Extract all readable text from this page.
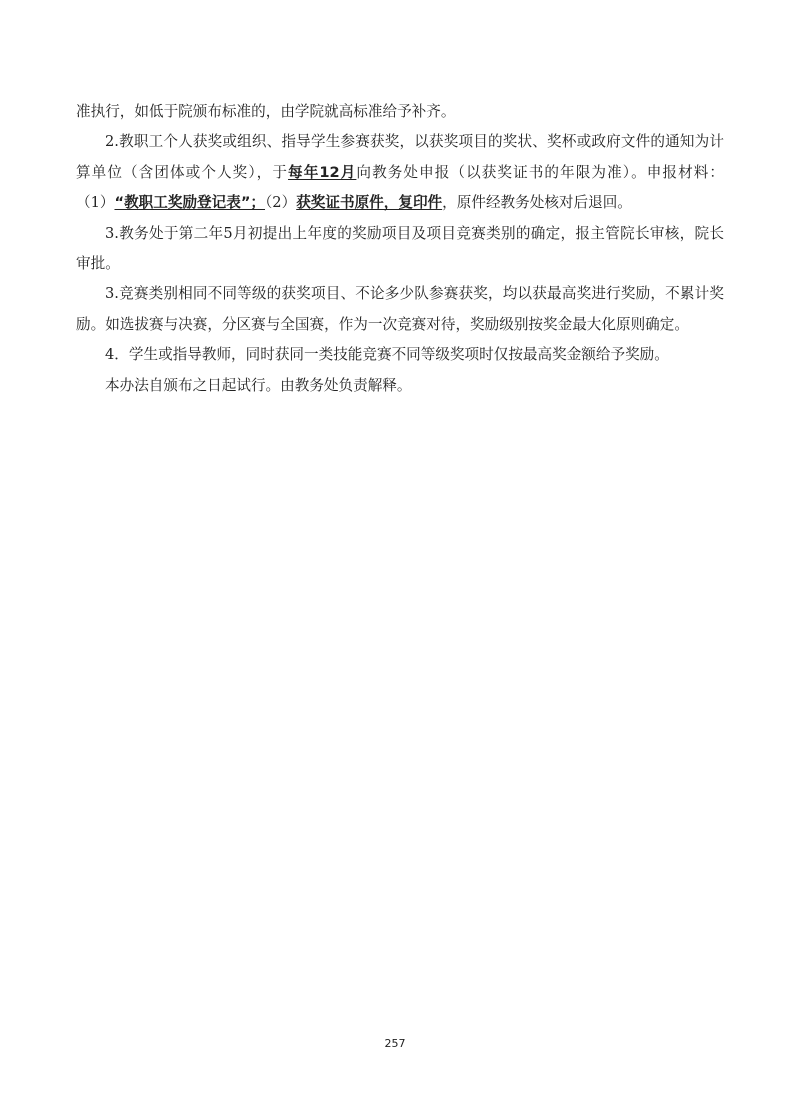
准执行，如低于院颁布标准的，由学院就高标准给予补齐。

2.教职工个人获奖或组织、指导学生参赛获奖，以获奖项目的奖状、奖杯或政府文件的通知为计算单位（含团体或个人奖），于每年12月向教务处申报（以获奖证书的年限为准）。申报材料：（1）“教职工奖励登记表”；（2）获奖证书原件，复印件，原件经教务处核对后退回。

3.教务处于第二年5月初提出上年度的奖励项目及项目竞赛类别的确定，报主管院长审核，院长审批。

3.竞赛类别相同不同等级的获奖项目、不论多少队参赛获奖，均以获最高奖进行奖励，不累计奖励。如选拔赛与决赛，分区赛与全国赛，作为一次竞赛对待，奖励级别按奖金最大化原则确定。

4．学生或指导教师，同时获同一类技能竞赛不同等级奖项时仅按最高奖金额给予奖励。

本办法自颁布之日起试行。由教务处负责解释。

257
